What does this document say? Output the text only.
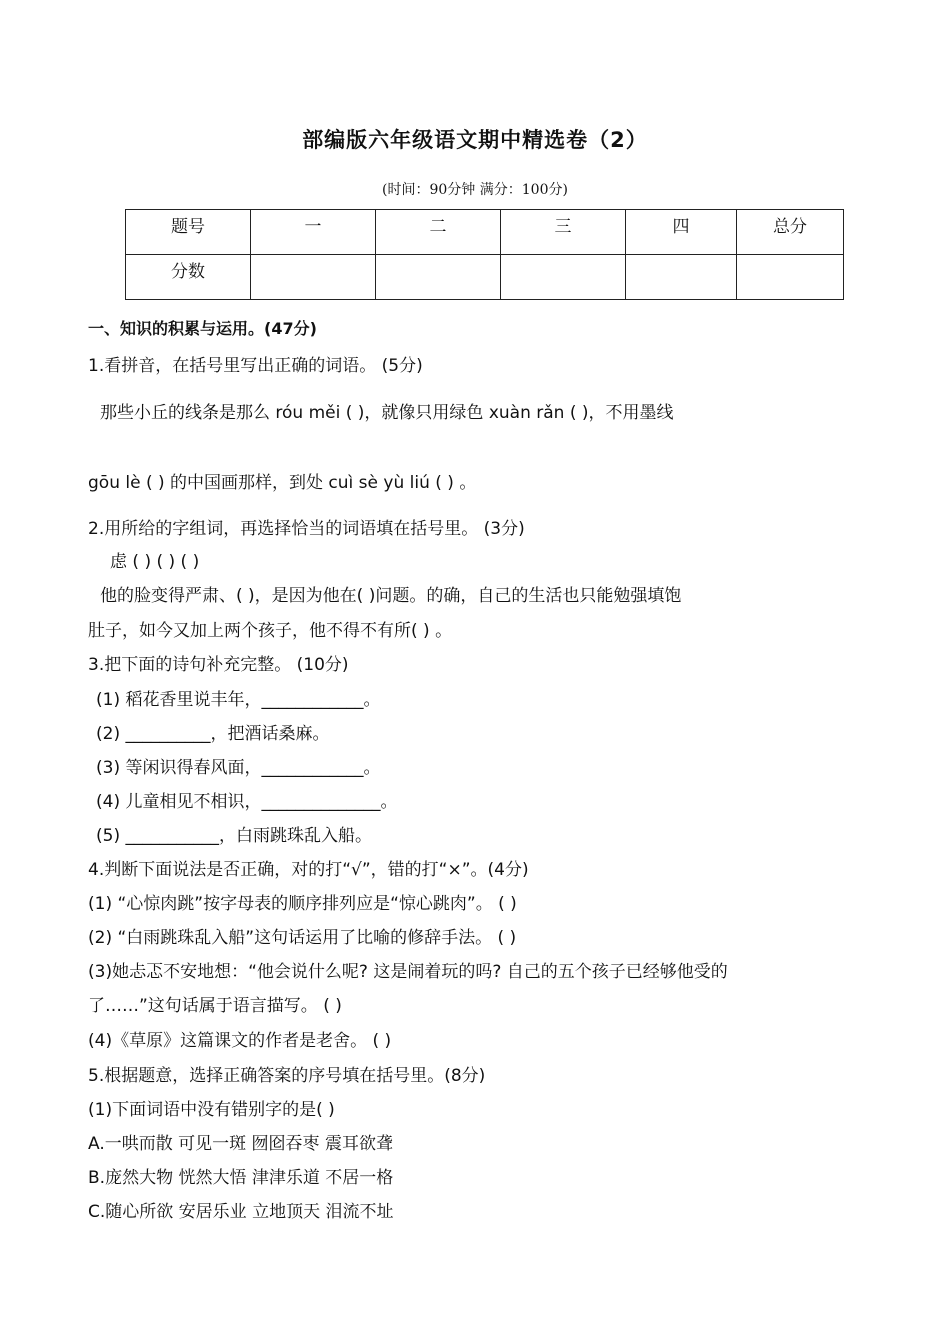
部编版六年级语文期中精选卷（2）
(时间：90分钟 满分：100分)
题号	一	二	三	四	总分
分数					
一、知识的积累与运用。(47分)
1.看拼音，在括号里写出正确的词语。 (5分)
那些小丘的线条是那么 róu měi ( )，就像只用绿色 xuàn rǎn ( )，不用墨线
gōu lè ( ) 的中国画那样，到处 cuì sè yù liú ( ) 。
2.用所给的字组词，再选择恰当的词语填在括号里。 (3分)
虑 ( ) ( ) ( )
他的脸变得严肃、( )，是因为他在( )问题。的确，自己的生活也只能勉强填饱
肚子，如今又加上两个孩子，他不得不有所( ) 。
3.把下面的诗句补充完整。 (10分)
(1) 稻花香里说丰年，____________。
(2) __________，把酒话桑麻。
(3) 等闲识得春风面，____________。
(4) 儿童相见不相识，______________。
(5) ___________，白雨跳珠乱入船。
4.判断下面说法是否正确，对的打“√”，错的打“×”。(4分)
(1) “心惊肉跳”按字母表的顺序排列应是“惊心跳肉”。 ( )
(2) “白雨跳珠乱入船”这句话运用了比喻的修辞手法。 ( )
(3)她忐忑不安地想：“他会说什么呢? 这是闹着玩的吗? 自己的五个孩子已经够他受的
了……”这句话属于语言描写。 ( )
(4)《草原》这篇课文的作者是老舍。 ( )
5.根据题意，选择正确答案的序号填在括号里。(8分)
(1)下面词语中没有错别字的是( )
A.一哄而散 可见一斑 囫囵吞枣 震耳欲聋
B.庞然大物 恍然大悟 津津乐道 不居一格
C.随心所欲 安居乐业 立地顶天 泪流不址
